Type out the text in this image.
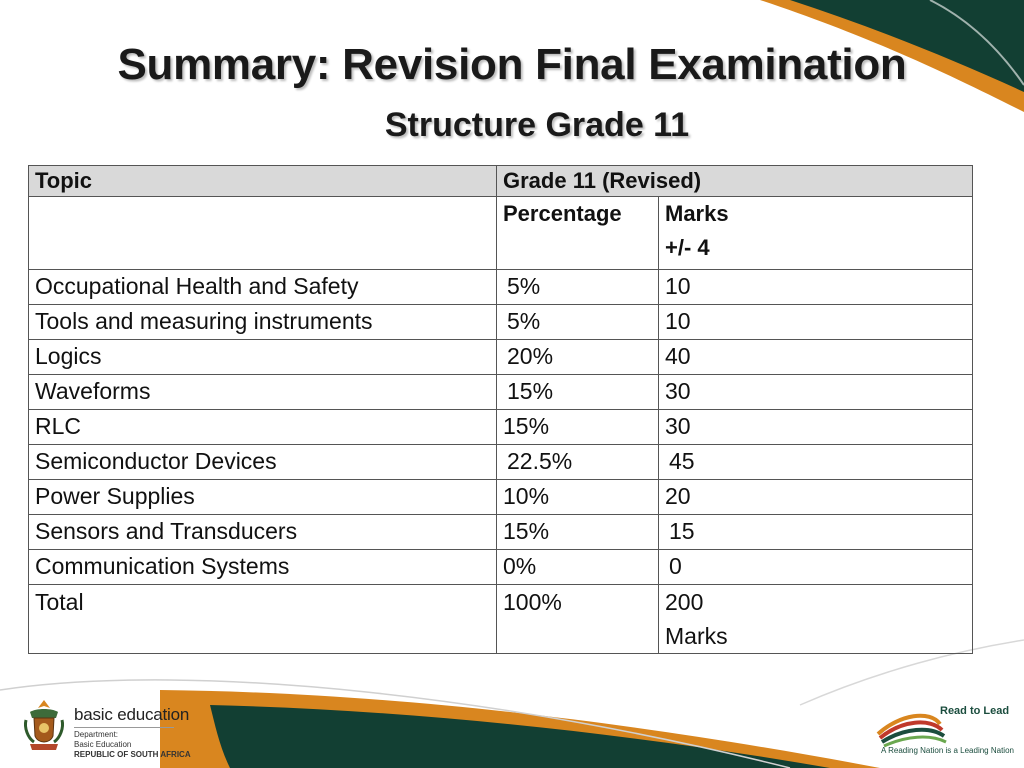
Summary: Revision Final Examination
Structure Grade 11
Topic	Grade 11 (Revised)	
	Percentage	Marks
+/- 4

Occupational Health and Safety	5%	10
Tools and measuring instruments	5%	10
Logics	20%	40
Waveforms	15%	30
RLC	15%	30
Semiconductor Devices	22.5%	45
Power Supplies	10%	20
Sensors and Transducers	15%	15
Communication Systems	0%	0
Total	100%	200
Marks
basic education
Department:
Basic Education
REPUBLIC OF SOUTH AFRICA
Read to Lead
A Reading Nation is a Leading Nation
